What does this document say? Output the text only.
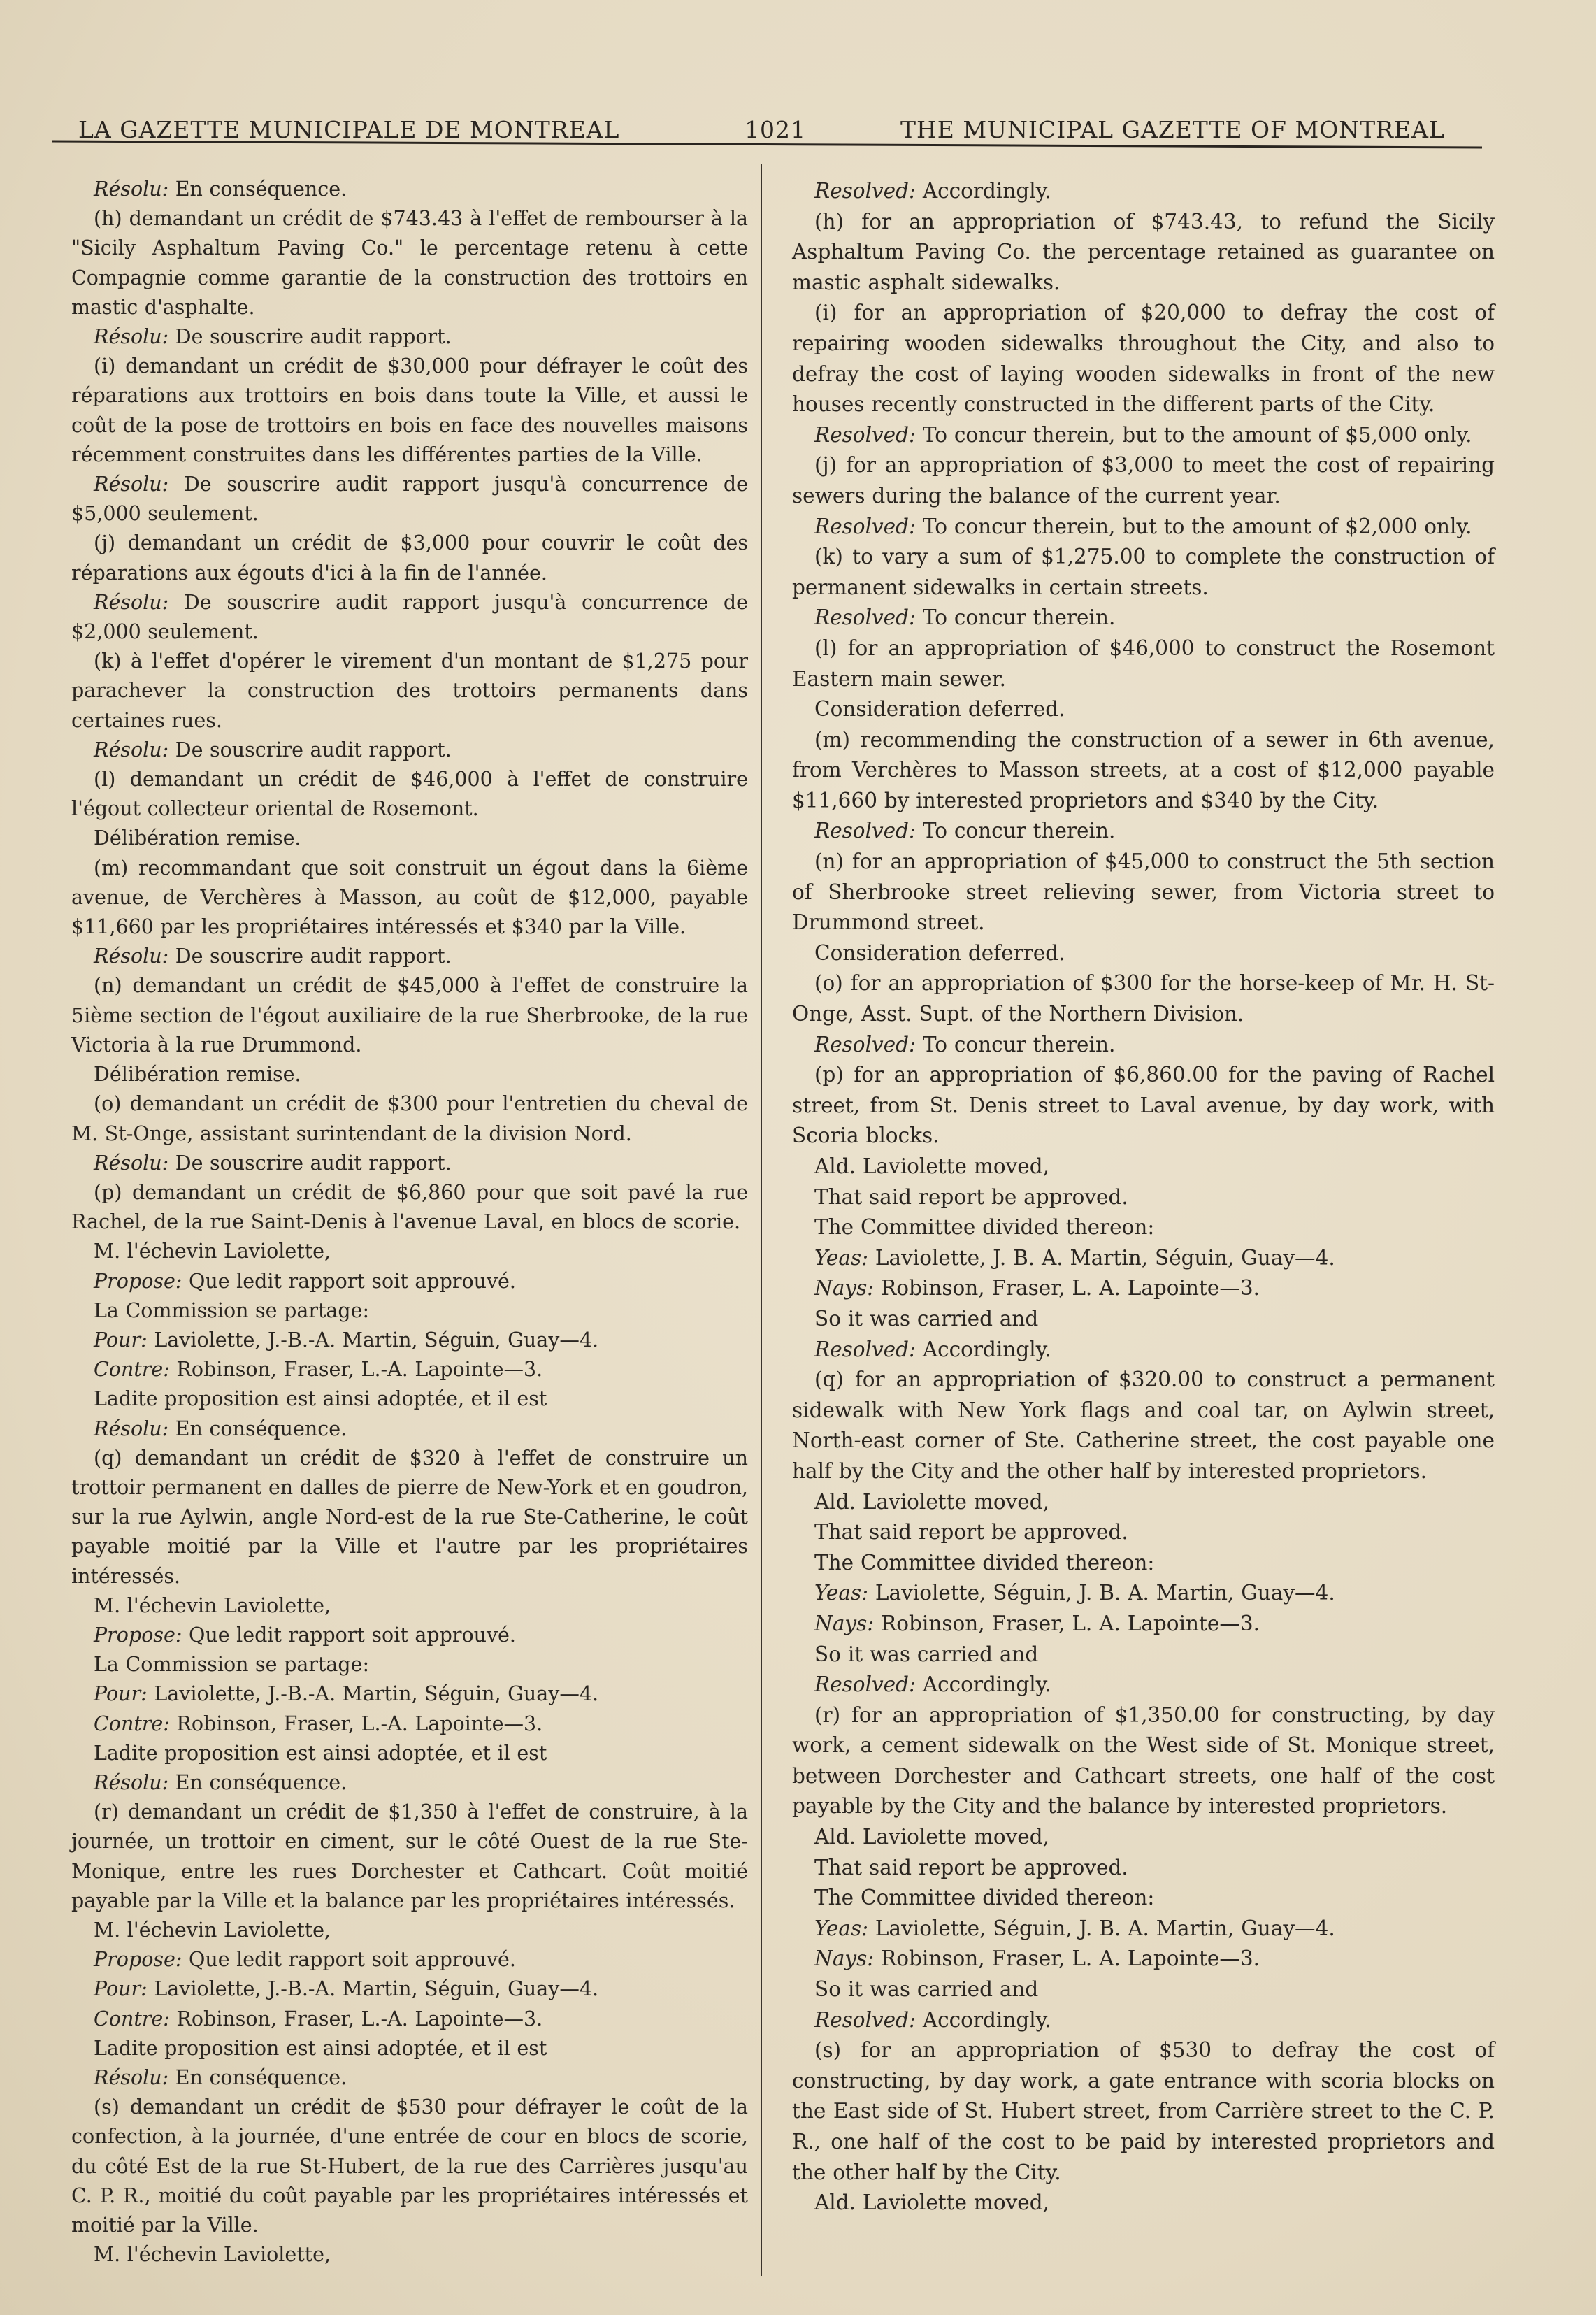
LA GAZETTE MUNICIPALE DE MONTREAL	1021	THE MUNICIPAL GAZETTE OF MONTREAL

Résolu: En conséquence.

(h) demandant un crédit de $743.43 à l'effet de rembourser à la "Sicily Asphaltum Paving Co." le percentage retenu à cette Compagnie comme garantie de la construction des trottoirs en mastic d'asphalte.

Résolu: De souscrire audit rapport.

(i) demandant un crédit de $30,000 pour défrayer le coût des réparations aux trottoirs en bois dans toute la Ville, et aussi le coût de la pose de trottoirs en bois en face des nouvelles maisons récemment construites dans les différentes parties de la Ville.

Résolu: De souscrire audit rapport jusqu'à concurrence de $5,000 seulement.

(j) demandant un crédit de $3,000 pour couvrir le coût des réparations aux égouts d'ici à la fin de l'année.

Résolu: De souscrire audit rapport jusqu'à concurrence de $2,000 seulement.

(k) à l'effet d'opérer le virement d'un montant de $1,275 pour parachever la construction des trottoirs permanents dans certaines rues.

Résolu: De souscrire audit rapport.

(l) demandant un crédit de $46,000 à l'effet de construire l'égout collecteur oriental de Rosemont.

Délibération remise.

(m) recommandant que soit construit un égout dans la 6ième avenue, de Verchères à Masson, au coût de $12,000, payable $11,660 par les propriétaires intéressés et $340 par la Ville.

Résolu: De souscrire audit rapport.

(n) demandant un crédit de $45,000 à l'effet de construire la 5ième section de l'égout auxiliaire de la rue Sherbrooke, de la rue Victoria à la rue Drummond.

Délibération remise.

(o) demandant un crédit de $300 pour l'entretien du cheval de M. St-Onge, assistant surintendant de la division Nord.

Résolu: De souscrire audit rapport.

(p) demandant un crédit de $6,860 pour que soit pavé la rue Rachel, de la rue Saint-Denis à l'avenue Laval, en blocs de scorie.

M. l'échevin Laviolette,

Propose: Que ledit rapport soit approuvé.

La Commission se partage:

Pour: Laviolette, J.-B.-A. Martin, Séguin, Guay—4.

Contre: Robinson, Fraser, L.-A. Lapointe—3.

Ladite proposition est ainsi adoptée, et il est

Résolu: En conséquence.

(q) demandant un crédit de $320 à l'effet de construire un trottoir permanent en dalles de pierre de New-York et en goudron, sur la rue Aylwin, angle Nord-est de la rue Ste-Catherine, le coût payable moitié par la Ville et l'autre par les propriétaires intéressés.

M. l'échevin Laviolette,

Propose: Que ledit rapport soit approuvé.

La Commission se partage:

Pour: Laviolette, J.-B.-A. Martin, Séguin, Guay—4.

Contre: Robinson, Fraser, L.-A. Lapointe—3.

Ladite proposition est ainsi adoptée, et il est

Résolu: En conséquence.

(r) demandant un crédit de $1,350 à l'effet de construire, à la journée, un trottoir en ciment, sur le côté Ouest de la rue Ste-Monique, entre les rues Dorchester et Cathcart. Coût moitié payable par la Ville et la balance par les propriétaires intéressés.

M. l'échevin Laviolette,

Propose: Que ledit rapport soit approuvé.

Pour: Laviolette, J.-B.-A. Martin, Séguin, Guay—4.

Contre: Robinson, Fraser, L.-A. Lapointe—3.

Ladite proposition est ainsi adoptée, et il est

Résolu: En conséquence.

(s) demandant un crédit de $530 pour défrayer le coût de la confection, à la journée, d'une entrée de cour en blocs de scorie, du côté Est de la rue St-Hubert, de la rue des Carrières jusqu'au C. P. R., moitié du coût payable par les propriétaires intéressés et moitié par la Ville.

M. l'échevin Laviolette,

Resolved: Accordingly.

(h) for an appropriation of $743.43, to refund the Sicily Asphaltum Paving Co. the percentage retained as guarantee on mastic asphalt sidewalks.

(i) for an appropriation of $20,000 to defray the cost of repairing wooden sidewalks throughout the City, and also to defray the cost of laying wooden sidewalks in front of the new houses recently constructed in the different parts of the City.

Resolved: To concur therein, but to the amount of $5,000 only.

(j) for an appropriation of $3,000 to meet the cost of repairing sewers during the balance of the current year.

Resolved: To concur therein, but to the amount of $2,000 only.

(k) to vary a sum of $1,275.00 to complete the construction of permanent sidewalks in certain streets.

Resolved: To concur therein.

(l) for an appropriation of $46,000 to construct the Rosemont Eastern main sewer.

Consideration deferred.

(m) recommending the construction of a sewer in 6th avenue, from Verchères to Masson streets, at a cost of $12,000 payable $11,660 by interested proprietors and $340 by the City.

Resolved: To concur therein.

(n) for an appropriation of $45,000 to construct the 5th section of Sherbrooke street relieving sewer, from Victoria street to Drummond street.

Consideration deferred.

(o) for an appropriation of $300 for the horse-keep of Mr. H. St-Onge, Asst. Supt. of the Northern Division.

Resolved: To concur therein.

(p) for an appropriation of $6,860.00 for the paving of Rachel street, from St. Denis street to Laval avenue, by day work, with Scoria blocks.

Ald. Laviolette moved,

That said report be approved.

The Committee divided thereon:

Yeas: Laviolette, J. B. A. Martin, Séguin, Guay—4.

Nays: Robinson, Fraser, L. A. Lapointe—3.

So it was carried and

Resolved: Accordingly.

(q) for an appropriation of $320.00 to construct a permanent sidewalk with New York flags and coal tar, on Aylwin street, North-east corner of Ste. Catherine street, the cost payable one half by the City and the other half by interested proprietors.

Ald. Laviolette moved,

That said report be approved.

The Committee divided thereon:

Yeas: Laviolette, Séguin, J. B. A. Martin, Guay—4.

Nays: Robinson, Fraser, L. A. Lapointe—3.

So it was carried and

Resolved: Accordingly.

(r) for an appropriation of $1,350.00 for constructing, by day work, a cement sidewalk on the West side of St. Monique street, between Dorchester and Cathcart streets, one half of the cost payable by the City and the balance by interested proprietors.

Ald. Laviolette moved,

That said report be approved.

The Committee divided thereon:

Yeas: Laviolette, Séguin, J. B. A. Martin, Guay—4.

Nays: Robinson, Fraser, L. A. Lapointe—3.

So it was carried and

Resolved: Accordingly.

(s) for an appropriation of $530 to defray the cost of constructing, by day work, a gate entrance with scoria blocks on the East side of St. Hubert street, from Carrière street to the C. P. R., one half of the cost to be paid by interested proprietors and the other half by the City.

Ald. Laviolette moved,
